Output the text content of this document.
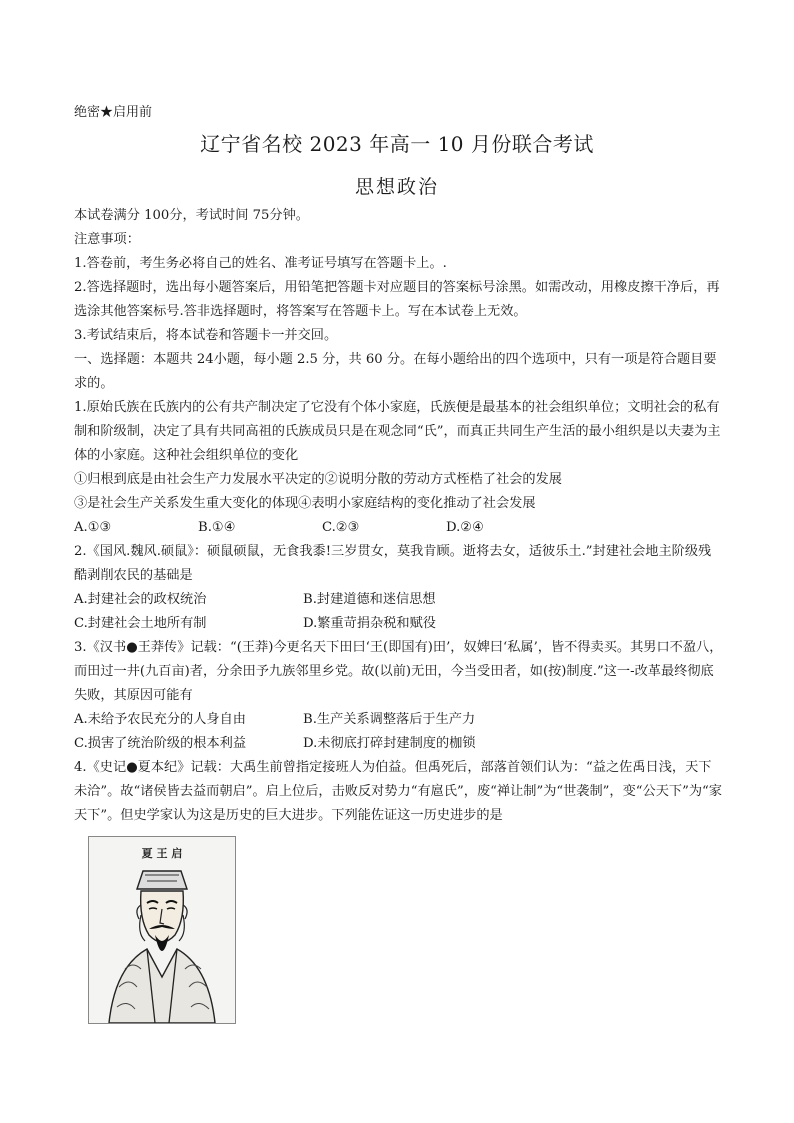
绝密★启用前
辽宁省名校 2023 年高一 10 月份联合考试
思想政治

本试卷满分 100分，考试时间 75分钟。

注意事项：

1.答卷前，考生务必将自己的姓名、准考证号填写在答题卡上。.

2.答选择题时，选出每小题答案后，用铅笔把答题卡对应题目的答案标号涂黑。如需改动，用橡皮擦干净后，再选涂其他答案标号.答非选择题时，将答案写在答题卡上。写在本试卷上无效。

3.考试结束后，将本试卷和答题卡一并交回。

一、选择题：本题共 24小题，每小题 2.5 分，共 60 分。在每小题给出的四个选项中，只有一项是符合题目要求的。

1.原始氏族在氏族内的公有共产制决定了它没有个体小家庭，氏族便是最基本的社会组织单位；文明社会的私有制和阶级制，决定了具有共同高祖的氏族成员只是在观念同“氏”，而真正共同生产生活的最小组织是以夫妻为主体的小家庭。这种社会组织单位的变化

①归根到底是由社会生产力发展水平决定的②说明分散的劳动方式桎梏了社会的发展

③是社会生产关系发生重大变化的体现④表明小家庭结构的变化推动了社会发展

A.①③	B.①④	C.②③	D.②④

2.《国风.魏风.硕鼠》：硕鼠硕鼠，无食我黍!三岁贯女，莫我肯顾。逝将去女，适彼乐土.”封建社会地主阶级残酷剥削农民的基础是

A.封建社会的政权统治	B.封建道德和迷信思想
C.封建社会土地所有制	D.繁重苛捐杂税和赋役

3.《汉书●王莽传》记载：“(王莽)今更名天下田曰‘王(即国有)田’，奴婢曰‘私属’，皆不得卖买。其男口不盈八，而田过一井(九百亩)者，分余田予九族邻里乡党。故(以前)无田，今当受田者，如(按)制度.”这一-改革最终彻底失败，其原因可能有

A.未给予农民充分的人身自由	B.生产关系调整落后于生产力
C.损害了统治阶级的根本利益	D.未彻底打碎封建制度的枷锁

4.《史记●夏本纪》记载：大禹生前曾指定接班人为伯益。但禹死后，部落首领们认为：“益之佐禹日浅，天下未洽”。故“诸侯皆去益而朝启”。启上位后，击败反对势力“有扈氏”，废“禅让制”为“世袭制”，变“公天下”为“家天下”。但史学家认为这是历史的巨大进步。下列能佐证这一历史进步的是

夏 王 启
